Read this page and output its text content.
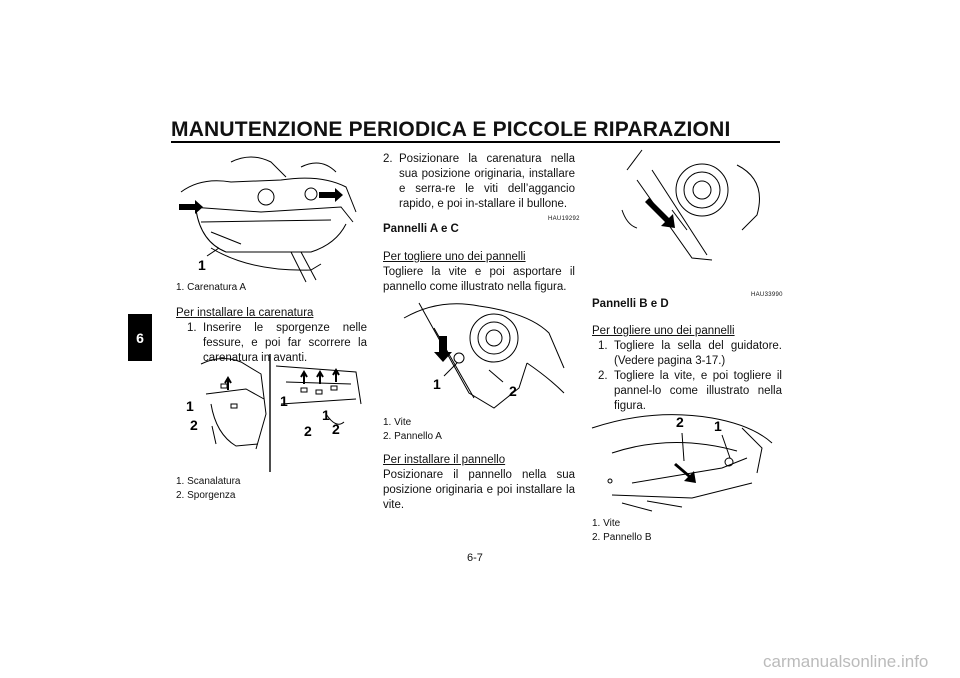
MANUTENZIONE PERIODICA E PICCOLE RIPARAZIONI
6
1
1. Carenatura A
Per installare la carenatura
1. Inserire le sporgenze nelle fessure, e poi far scorrere la carenatura in avanti.
1
2
1
1
2 2
1. Scanalatura
2. Sporgenza
2. Posizionare la carenatura nella sua posizione originaria, installare e serra-re le viti dell’aggancio rapido, e poi in-stallare il bullone.
HAU19292
Pannelli A e C
Per togliere uno dei pannelli
Togliere la vite e poi asportare il pannello come illustrato nella figura.
1	2
1. Vite
2. Pannello A
Per installare il pannello
Posizionare il pannello nella sua posizione originaria e poi installare la vite.
HAU33990
Pannelli B e D
Per togliere uno dei pannelli
1. Togliere la sella del guidatore. (Vedere pagina 3-17.)
2. Togliere la vite, e poi togliere il pannel-lo come illustrato nella figura.
2 1
1. Vite
2. Pannello B
6-7
carmanualsonline.info
